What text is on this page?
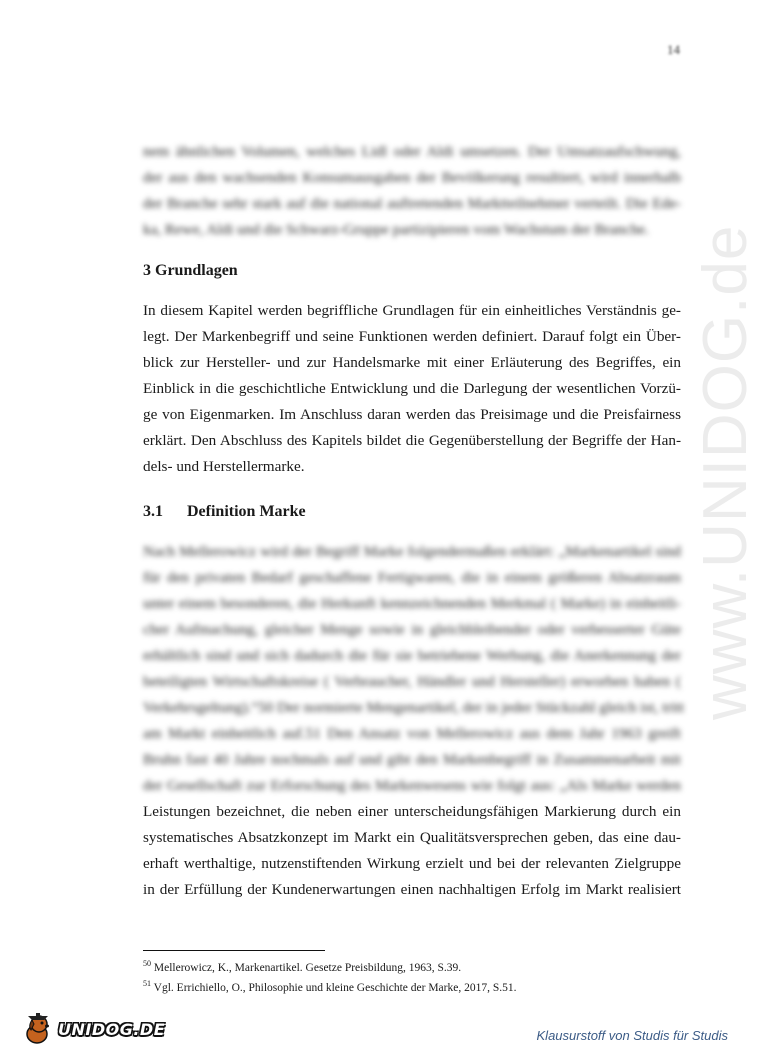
www.UNIDOG.de
14

nem ähnlichen Volumen, welches Lidl oder Aldi umsetzen. Der Umsatzaufschwung,
der aus den wachsenden Konsumausgaben der Bevölkerung resultiert, wird innerhalb
der Branche sehr stark auf die national auftretenden Marktteilnehmer verteilt. Die Ede-
ka, Rewe, Aldi und die Schwarz-Gruppe partizipieren vom Wachstum der Branche.

3 Grundlagen

In diesem Kapitel werden begriffliche Grundlagen für ein einheitliches Verständnis ge-
legt. Der Markenbegriff und seine Funktionen werden definiert. Darauf folgt ein Über-
blick zur Hersteller- und zur Handelsmarke mit einer Erläuterung des Begriffes, ein
Einblick in die geschichtliche Entwicklung und die Darlegung der wesentlichen Vorzü-
ge von Eigenmarken. Im Anschluss daran werden das Preisimage und die Preisfairness
erklärt. Den Abschluss des Kapitels bildet die Gegenüberstellung der Begriffe der Han-
dels- und Herstellermarke.

3.1 Definition Marke

Nach Mellerowicz wird der Begriff Marke folgendermaßen erklärt: „Markenartikel sind
für den privaten Bedarf geschaffene Fertigwaren, die in einem größeren Absatzraum
unter einem besonderen, die Herkunft kennzeichnenden Merkmal ( Marke) in einheitli-
cher Aufmachung, gleicher Menge sowie in gleichbleibender oder verbesserter Güte
erhältlich sind und sich dadurch die für sie betriebene Werbung, die Anerkennung der
beteiligten Wirtschaftskreise ( Verbraucher, Händler und Hersteller) erworben haben (
Verkehrsgeltung).“50 Der normierte Mengenartikel, der in jeder Stückzahl gleich ist, tritt
am Markt einheitlich auf.51 Den Ansatz von Mellerowicz aus dem Jahr 1963 greift
Bruhn fast 40 Jahre nochmals auf und gibt den Markenbegriff in Zusammenarbeit mit
der Gesellschaft zur Erforschung des Markenwesens wie folgt aus: „Als Marke werden

Leistungen bezeichnet, die neben einer unterscheidungsfähigen Markierung durch ein
systematisches Absatzkonzept im Markt ein Qualitätsversprechen geben, das eine dau-
erhaft werthaltige, nutzenstiftenden Wirkung erzielt und bei der relevanten Zielgruppe
in der Erfüllung der Kundenerwartungen einen nachhaltigen Erfolg im Markt realisiert

$^{50}$ Mellerowicz, K., Markenartikel. Gesetze Preisbildung, 1963, S.39.
$^{51}$ Vgl. Errichiello, O., Philosophie und kleine Geschichte der Marke, 2017, S.51.
UNIDOG.DE	Klausurstoff von Studis für Studis
